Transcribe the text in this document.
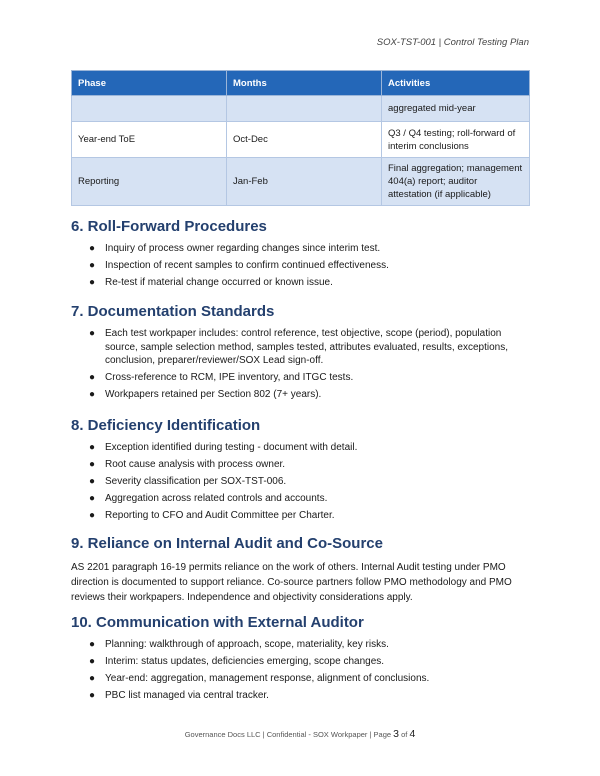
SOX-TST-001 | Control Testing Plan
Phase	Months	Activities
		aggregated mid-year
Year-end ToE	Oct-Dec	Q3 / Q4 testing; roll-forward of interim conclusions
Reporting	Jan-Feb	Final aggregation; management 404(a) report; auditor attestation (if applicable)
6. Roll-Forward Procedures
● Inquiry of process owner regarding changes since interim test.
● Inspection of recent samples to confirm continued effectiveness.
● Re-test if material change occurred or known issue.
7. Documentation Standards
● Each test workpaper includes: control reference, test objective, scope (period), population source, sample selection method, samples tested, attributes evaluated, results, exceptions, conclusion, preparer/reviewer/SOX Lead sign-off.
● Cross-reference to RCM, IPE inventory, and ITGC tests.
● Workpapers retained per Section 802 (7+ years).
8. Deficiency Identification
● Exception identified during testing - document with detail.
● Root cause analysis with process owner.
● Severity classification per SOX-TST-006.
● Aggregation across related controls and accounts.
● Reporting to CFO and Audit Committee per Charter.
9. Reliance on Internal Audit and Co-Source

AS 2201 paragraph 16-19 permits reliance on the work of others. Internal Audit testing under PMO direction is documented to support reliance. Co-source partners follow PMO methodology and PMO reviews their workpapers. Independence and objectivity considerations apply.

10. Communication with External Auditor
● Planning: walkthrough of approach, scope, materiality, key risks.
● Interim: status updates, deficiencies emerging, scope changes.
● Year-end: aggregation, management response, alignment of conclusions.
● PBC list managed via central tracker.
Governance Docs LLC | Confidential - SOX Workpaper | Page 3 of 4
